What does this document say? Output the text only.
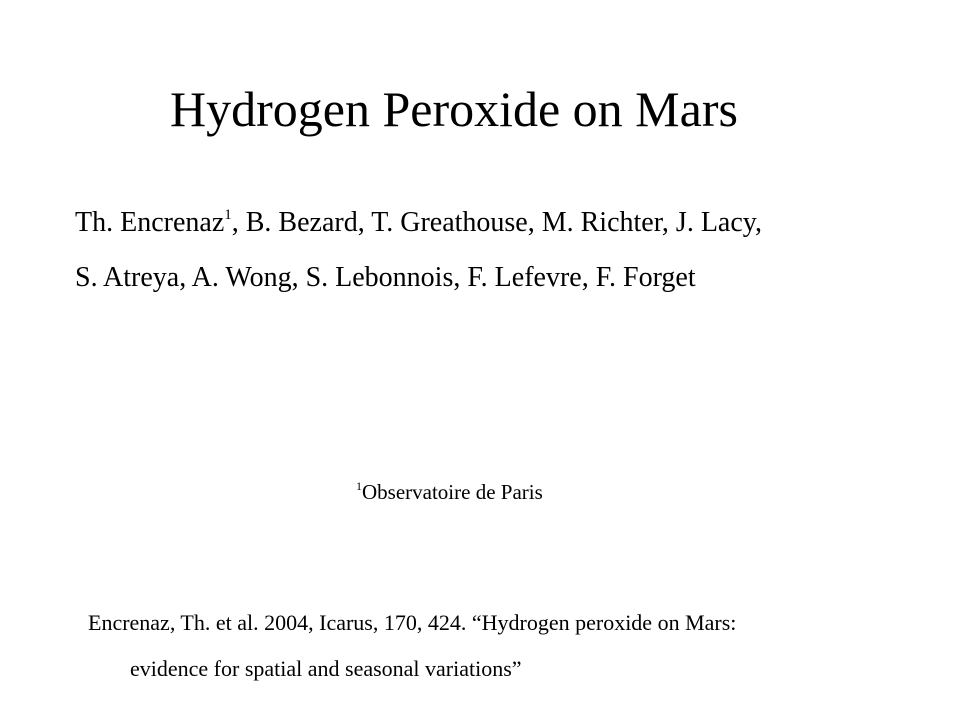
Hydrogen Peroxide on Mars
Th. Encrenaz$^1$, B. Bezard, T. Greathouse, M. Richter, J. Lacy,
S. Atreya, A. Wong, S. Lebonnois, F. Lefevre, F. Forget
$^1$Observatoire de Paris
Encrenaz, Th. et al. 2004, Icarus, 170, 424. “Hydrogen peroxide on Mars:
evidence for spatial and seasonal variations”
